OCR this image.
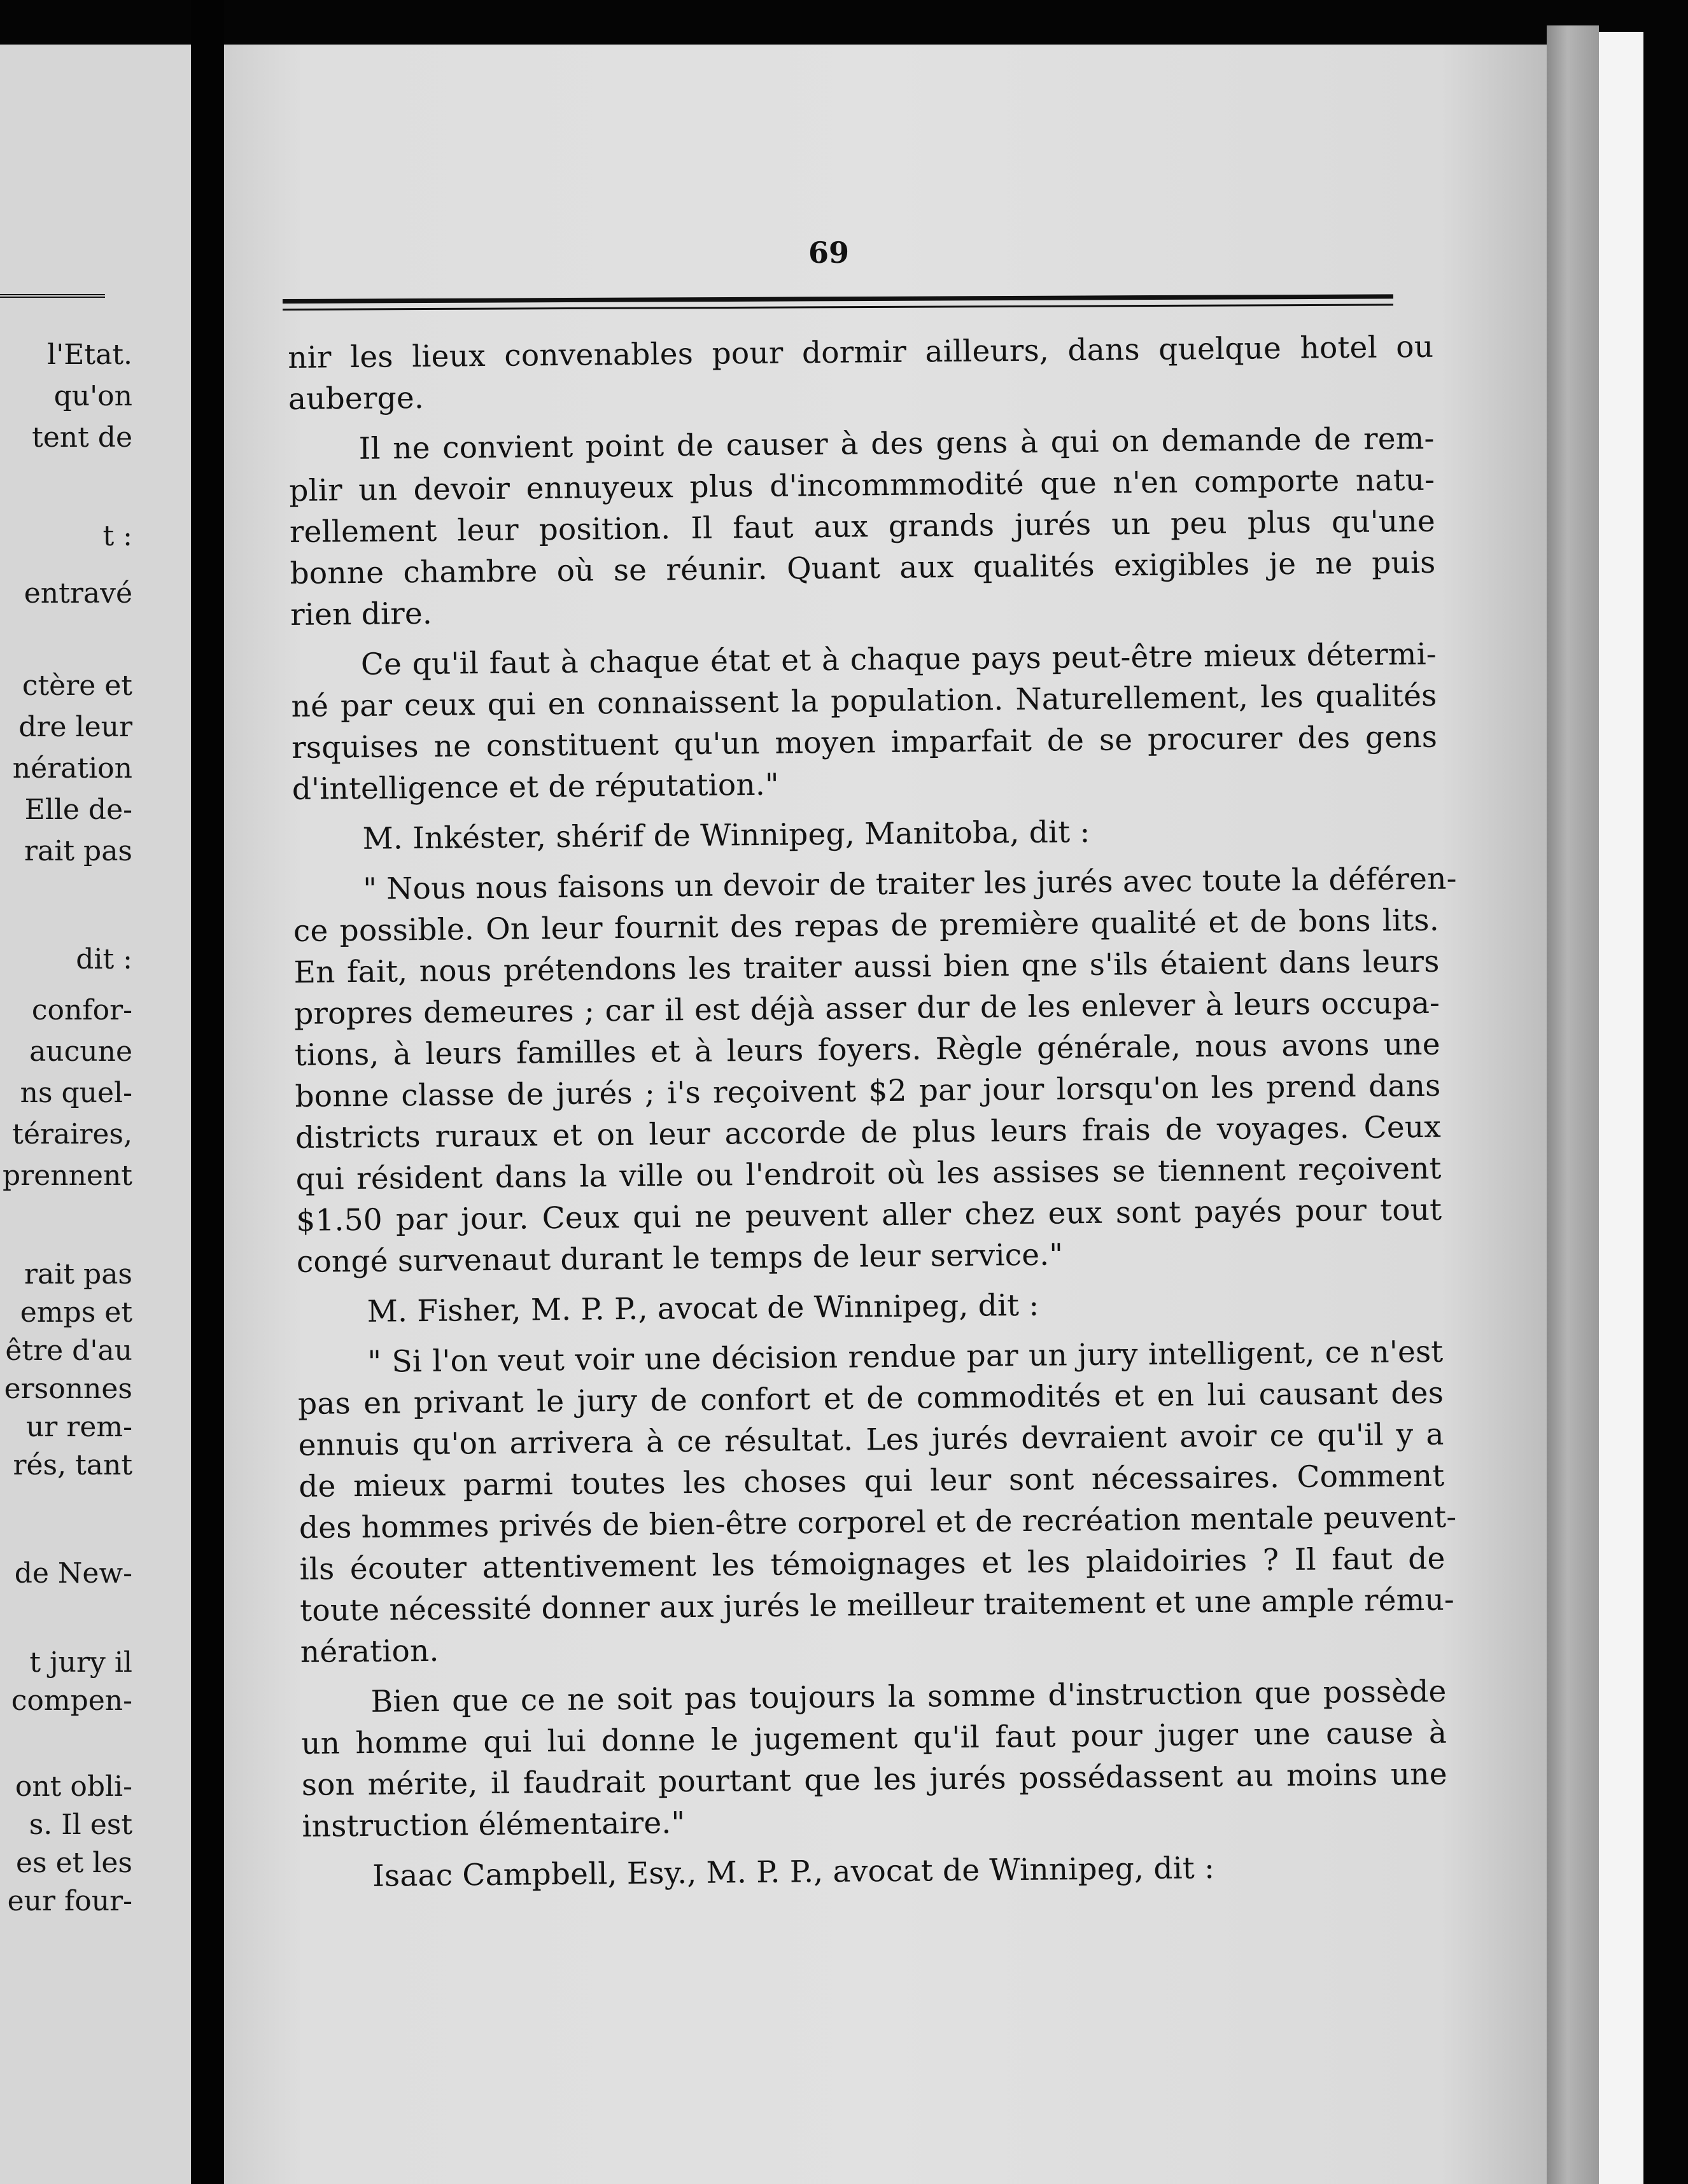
l'Etat.
qu'on
tent de
t :
entravé
ctère et
dre leur
nération
Elle de-
rait pas
dit :
confor-
aucune
ns quel-
téraires,
prennent
rait pas
emps et
être d'au
ersonnes
ur rem-
rés, tant
de New-
t jury il
compen-
ont obli-
s. Il est
es et les
eur four-

69

nir les lieux convenables pour dormir ailleurs, dans quelque hotel ou
auberge.
Il ne convient point de causer à des gens à qui on demande de rem-
plir un devoir ennuyeux plus d'incommmodité que n'en comporte natu-
rellement leur position. Il faut aux grands jurés un peu plus qu'une
bonne chambre où se réunir. Quant aux qualités exigibles je ne puis
rien dire.
Ce qu'il faut à chaque état et à chaque pays peut-être mieux détermi-
né par ceux qui en connaissent la population. Naturellement, les qualités
rsquises ne constituent qu'un moyen imparfait de se procurer des gens
d'intelligence et de réputation."
M. Inkéster, shérif de Winnipeg, Manitoba, dit :
" Nous nous faisons un devoir de traiter les jurés avec toute la déféren-
ce possible. On leur fournit des repas de première qualité et de bons lits.
En fait, nous prétendons les traiter aussi bien qne s'ils étaient dans leurs
propres demeures ; car il est déjà asser dur de les enlever à leurs occupa-
tions, à leurs familles et à leurs foyers. Règle générale, nous avons une
bonne classe de jurés ; i's reçoivent $2 par jour lorsqu'on les prend dans
districts ruraux et on leur accorde de plus leurs frais de voyages. Ceux
qui résident dans la ville ou l'endroit où les assises se tiennent reçoivent
$1.50 par jour. Ceux qui ne peuvent aller chez eux sont payés pour tout
congé survenaut durant le temps de leur service."
M. Fisher, M. P. P., avocat de Winnipeg, dit :
" Si l'on veut voir une décision rendue par un jury intelligent, ce n'est
pas en privant le jury de confort et de commodités et en lui causant des
ennuis qu'on arrivera à ce résultat. Les jurés devraient avoir ce qu'il y a
de mieux parmi toutes les choses qui leur sont nécessaires. Comment
des hommes privés de bien-être corporel et de recréation mentale peuvent-
ils écouter attentivement les témoignages et les plaidoiries ? Il faut de
toute nécessité donner aux jurés le meilleur traitement et une ample rému-
nération.
Bien que ce ne soit pas toujours la somme d'instruction que possède
un homme qui lui donne le jugement qu'il faut pour juger une cause à
son mérite, il faudrait pourtant que les jurés possédassent au moins une
instruction élémentaire."
Isaac Campbell, Esy., M. P. P., avocat de Winnipeg, dit :
